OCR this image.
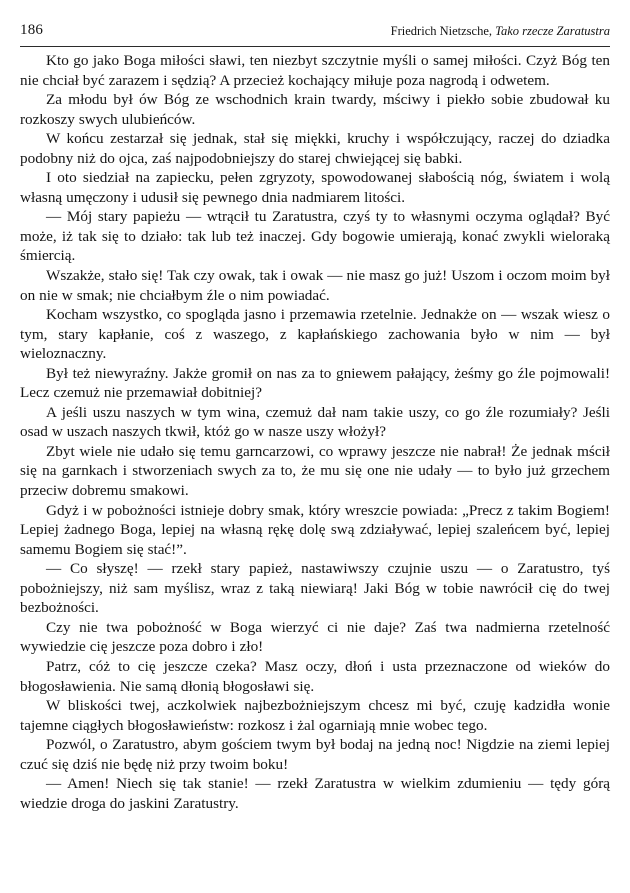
186	Friedrich Nietzsche, Tako rzecze Zaratustra

Kto go jako Boga miłości sławi, ten niezbyt szczytnie myśli o samej miłości. Czyż Bóg ten nie chciał być zarazem i sędzią? A przecież kochający miłuje poza nagrodą i odwetem.

Za młodu był ów Bóg ze wschodnich krain twardy, mściwy i piekło sobie zbudował ku rozkoszy swych ulubieńców.

W końcu zestarzał się jednak, stał się miękki, kruchy i współczujący, raczej do dziadka podobny niż do ojca, zaś najpodobniejszy do starej chwiejącej się babki.

I oto siedział na zapiecku, pełen zgryzoty, spowodowanej słabością nóg, światem i wolą własną umęczony i udusił się pewnego dnia nadmiarem litości.

— Mój stary papieżu — wtrącił tu Zaratustra, czyś ty to własnymi oczyma oglądał? Być może, iż tak się to działo: tak lub też inaczej. Gdy bogowie umierają, konać zwykli wieloraką śmiercią.

Wszakże, stało się! Tak czy owak, tak i owak — nie masz go już! Uszom i oczom moim był on nie w smak; nie chciałbym źle o nim powiadać.

Kocham wszystko, co spogląda jasno i przemawia rzetelnie. Jednakże on — wszak wiesz o tym, stary kapłanie, coś z waszego, z kapłańskiego zachowania było w nim — był wieloznaczny.

Był też niewyraźny. Jakże gromił on nas za to gniewem pałający, żeśmy go źle pojmowali! Lecz czemuż nie przemawiał dobitniej?

A jeśli uszu naszych w tym wina, czemuż dał nam takie uszy, co go źle rozumiały? Jeśli osad w uszach naszych tkwił, któż go w nasze uszy włożył?

Zbyt wiele nie udało się temu garncarzowi, co wprawy jeszcze nie nabrał! Że jednak mścił się na garnkach i stworzeniach swych za to, że mu się one nie udały — to było już grzechem przeciw dobremu smakowi.

Gdyż i w pobożności istnieje dobry smak, który wreszcie powiada: „Precz z takim Bogiem! Lepiej żadnego Boga, lepiej na własną rękę dolę swą zdziaływać, lepiej szaleńcem być, lepiej samemu Bogiem się stać!”.

— Co słyszę! — rzekł stary papież, nastawiwszy czujnie uszu — o Zaratustro, tyś pobożniejszy, niż sam myślisz, wraz z taką niewiarą! Jaki Bóg w tobie nawrócił cię do twej bezbożności.

Czy nie twa pobożność w Boga wierzyć ci nie daje? Zaś twa nadmierna rzetelność wywiedzie cię jeszcze poza dobro i zło!

Patrz, cóż to cię jeszcze czeka? Masz oczy, dłoń i usta przeznaczone od wieków do błogosławienia. Nie samą dłonią błogosławi się.

W bliskości twej, aczkolwiek najbezbożniejszym chcesz mi być, czuję kadzidła wonie tajemne ciągłych błogosławieństw: rozkosz i żal ogarniają mnie wobec tego.

Pozwól, o Zaratustro, abym gościem twym był bodaj na jedną noc! Nigdzie na ziemi lepiej czuć się dziś nie będę niż przy twoim boku!

— Amen! Niech się tak stanie! — rzekł Zaratustra w wielkim zdumieniu — tędy górą wiedzie droga do jaskini Zaratustry.
